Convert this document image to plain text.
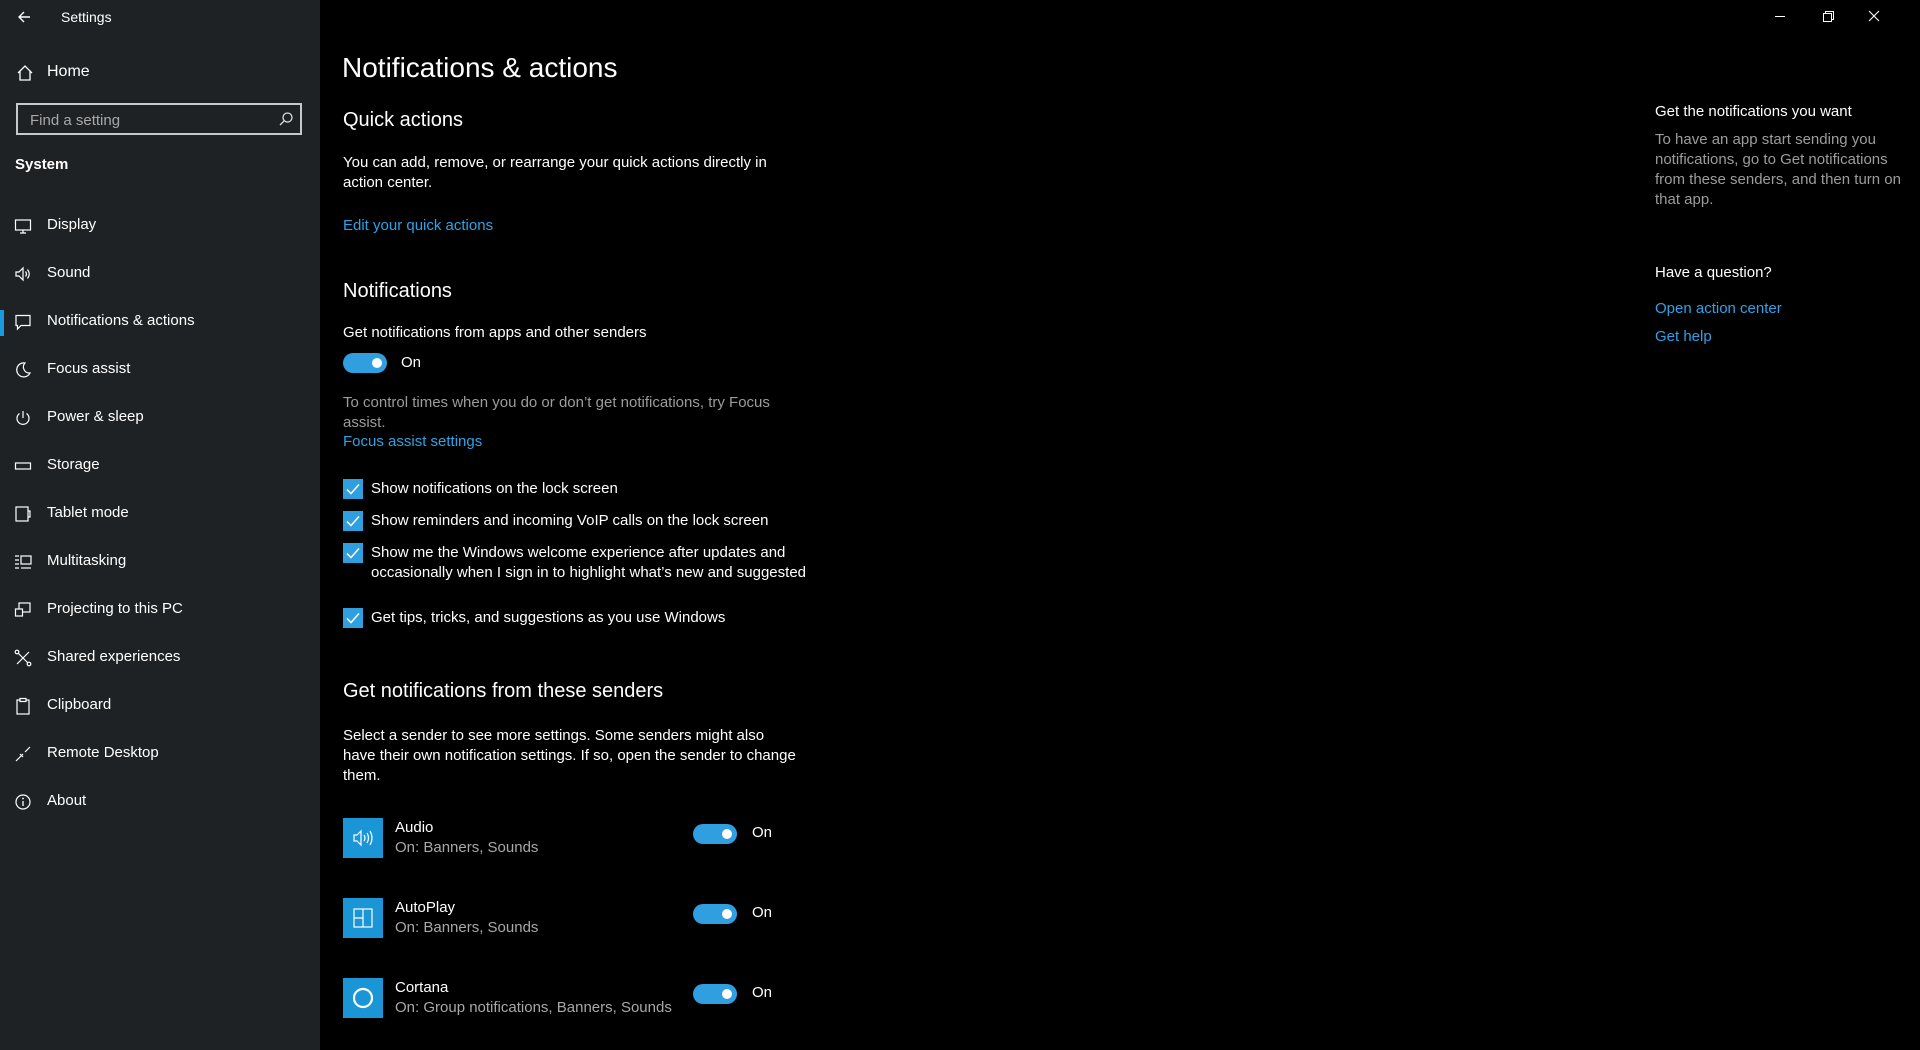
Settings
Home
Find a setting
System
Display
Sound
Notifications & actions
Focus assist
Power & sleep
Storage
Tablet mode
Multitasking
Projecting to this PC
Shared experiences
Clipboard
Remote Desktop
About
Notifications & actions
Quick actions
You can add, remove, or rearrange your quick actions directly in action center.
Edit your quick actions
Notifications
Get notifications from apps and other senders
On
To control times when you do or don’t get notifications, try Focus assist.
Focus assist settings
Show notifications on the lock screen
Show reminders and incoming VoIP calls on the lock screen
Show me the Windows welcome experience after updates and occasionally when I sign in to highlight what’s new and suggested
Get tips, tricks, and suggestions as you use Windows
Get notifications from these senders
Select a sender to see more settings. Some senders might also have their own notification settings. If so, open the sender to change them.
Audio
On: Banners, Sounds
On
AutoPlay
On: Banners, Sounds
On
Cortana
On: Group notifications, Banners, Sounds
On
Get the notifications you want
To have an app start sending you notifications, go to Get notifications from these senders, and then turn on that app.
Have a question?
Open action center
Get help
